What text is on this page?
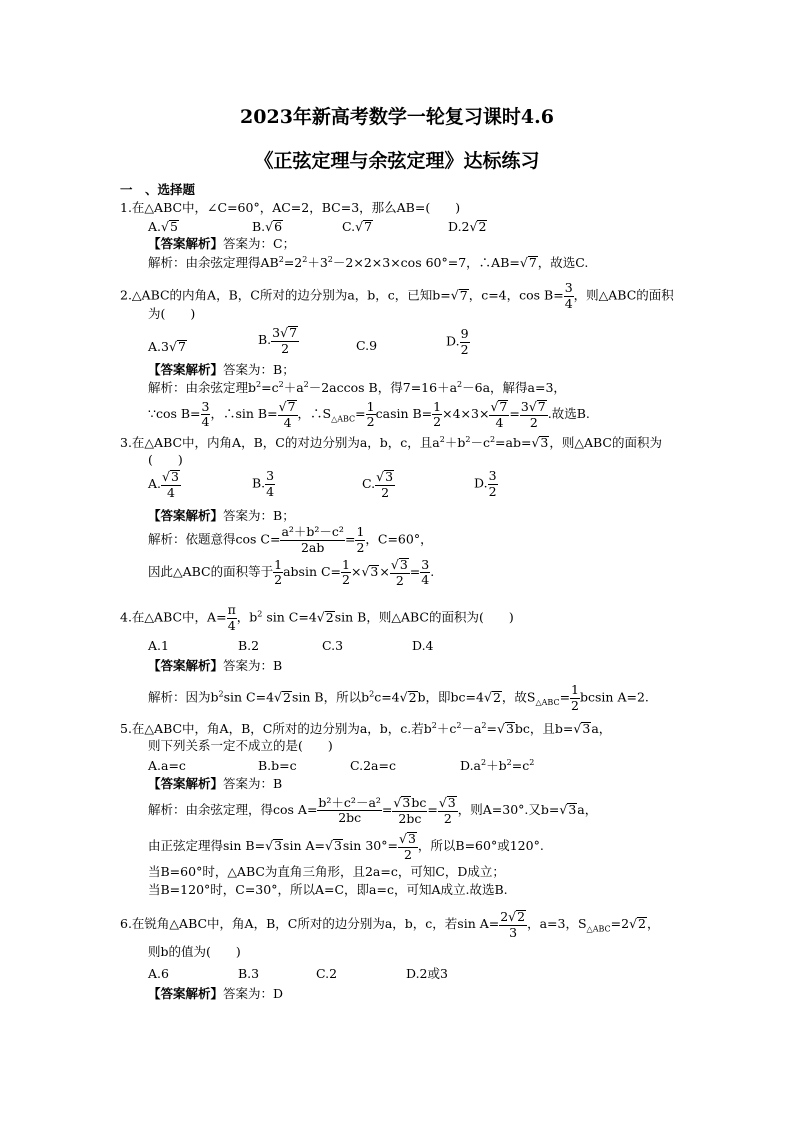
2023年新高考数学一轮复习课时4.6
《正弦定理与余弦定理》达标练习
一　、选择题
1.在△ABC中，∠C=60°，AC=2，BC=3，那么AB=(　　)
A.√5	B.√6	C.√7	D.2√2
【答案解析】答案为：C；
解析：由余弦定理得$AB^2=2^2+3^2-2\times 2\times 3\times\cos$ 60°=7，∴AB=√7，故选C.
2.△ABC的内角A，B，C所对的边分别为a，b，c，已知b=√7，c=4，$\cos B= \frac{3}{4}$ ，则△ABC的面积
为(　　)
A.3√7	B. $\frac{3√7}{2}$	C.9	D. $\frac{9}{2}$
【答案解析】答案为：B；
解析：由余弦定理$b^2=c^2+a^2-2accos$ B，得$7=16+a^2-6a$，解得a=3，
∵cos $B= \frac{3}{4}$ ，∴sin $B= \frac{√7}{4}$ ，$\therefore S_{\triangle ABC}= \frac{1}{2}$ casin $B= \frac{1}{2} \times 4\times 3\times \frac{√7}{4} = \frac{3√7}{2}$ .故选B.
3.在△ABC中，内角A，B，C的对边分别为a，b，c，且$a^2+b^2-c^2=ab=√3$，则△ABC的面积为
(　　)
A. $\frac{√3}{4}$	B. $\frac{3}{4}$	C. $\frac{√3}{2}$	D. $\frac{3}{2}$
【答案解析】答案为：B；
解析：依题意得$\cos C= \frac{\text{a²＋b²－c²}}{2ab} = \frac{1}{2}$ ，C=60°，
因此△ABC的面积等于 $\frac{1}{2}$ absin $C= \frac{1}{2} \times√3\times \frac{√3}{2} = \frac{3}{4}$ .
4.在△ABC中，$A= \frac{\pi}{4}$ ，$b^2$ sin C=4√2sin B，则△ABC的面积为(　　)
A.1	B.2	C.3	D.4
【答案解析】答案为：B
解析：因为$b^2\sin$ C=4√2sin B，所以$b^2c=4√2b$，即bc=4√2，故$S_{\triangle ABC}= \frac{1}{2}$ bcsin A=2.
5.在△ABC中，角A，B，C所对的边分别为a，b，c.若$b^2+c^2-a^2=√3bc$，且b=√3a，
则下列关系一定不成立的是(　　)
A.a=c	B.b=c	C.2a=c	$D.a^2+b^2=c^2$
【答案解析】答案为：B
解析：由余弦定理，得$\cos A= \frac{\text{b²＋c²－a²}}{2bc} = \frac{√3bc}{2bc} = \frac{√3}{2}$ ，则A=30°.又b=√3a，
由正弦定理得sin B=√3sin A=√3sin $30^\circ= \frac{√3}{2}$ ，所以B=60°或120°.
当B=60°时，△ABC为直角三角形，且2a=c，可知C，D成立；
当B=120°时，C=30°，所以A=C，即a=c，可知A成立.故选B.
6.在锐角△ABC中，角A，B，C所对的边分别为a，b，c，若$\sin A= \frac{2√2}{3}$ ，a=3，$S_{\triangle ABC}=2√2$，
则b的值为(　　)
A.6	B.3	C.2	D.2或3
【答案解析】答案为：D
